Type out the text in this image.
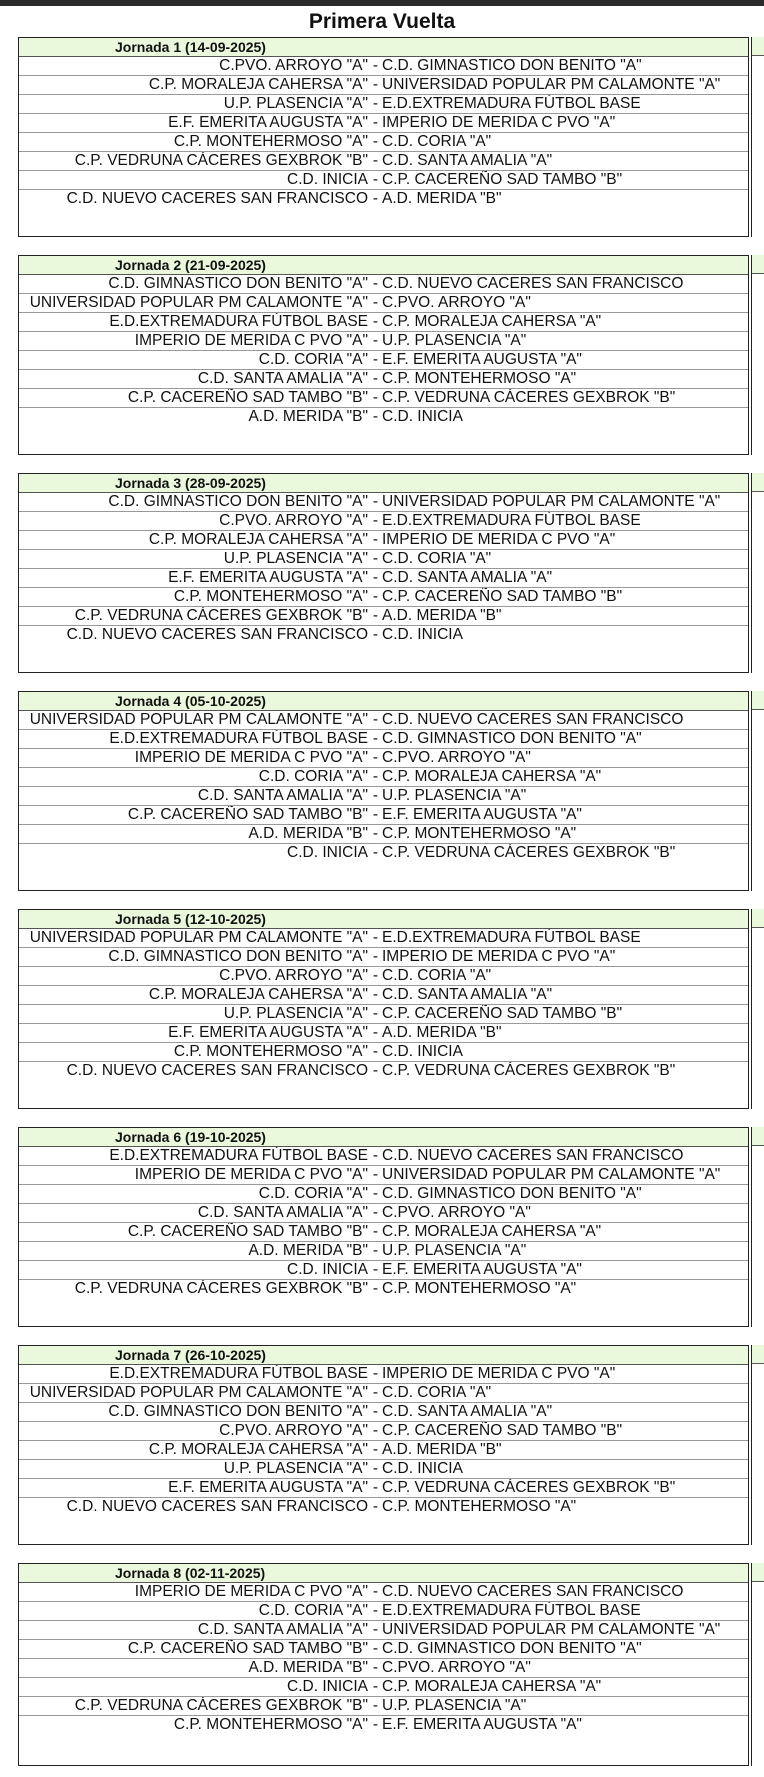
Primera Vuelta
Jornada 1 (14-09-2025)
C.PVO. ARROYO "A" - C.D. GIMNASTICO DON BENITO "A"
C.P. MORALEJA CAHERSA "A" - UNIVERSIDAD POPULAR PM CALAMONTE "A"
U.P. PLASENCIA "A" - E.D.EXTREMADURA FÚTBOL BASE
E.F. EMERITA AUGUSTA "A" - IMPERIO DE MERIDA C PVO "A"
C.P. MONTEHERMOSO "A" - C.D. CORIA "A"
C.P. VEDRUNA CÁCERES GEXBROK "B" - C.D. SANTA AMALIA "A"
C.D. INICIA - C.P. CACEREÑO SAD TAMBO "B"
C.D. NUEVO CACERES SAN FRANCISCO - A.D. MERIDA "B"
Jornada 2 (21-09-2025)
C.D. GIMNASTICO DON BENITO "A" - C.D. NUEVO CACERES SAN FRANCISCO
UNIVERSIDAD POPULAR PM CALAMONTE "A" - C.PVO. ARROYO "A"
E.D.EXTREMADURA FÚTBOL BASE - C.P. MORALEJA CAHERSA "A"
IMPERIO DE MERIDA C PVO "A" - U.P. PLASENCIA "A"
C.D. CORIA "A" - E.F. EMERITA AUGUSTA "A"
C.D. SANTA AMALIA "A" - C.P. MONTEHERMOSO "A"
C.P. CACEREÑO SAD TAMBO "B" - C.P. VEDRUNA CÁCERES GEXBROK "B"
A.D. MERIDA "B" - C.D. INICIA
Jornada 3 (28-09-2025)
C.D. GIMNASTICO DON BENITO "A" - UNIVERSIDAD POPULAR PM CALAMONTE "A"
C.PVO. ARROYO "A" - E.D.EXTREMADURA FÚTBOL BASE
C.P. MORALEJA CAHERSA "A" - IMPERIO DE MERIDA C PVO "A"
U.P. PLASENCIA "A" - C.D. CORIA "A"
E.F. EMERITA AUGUSTA "A" - C.D. SANTA AMALIA "A"
C.P. MONTEHERMOSO "A" - C.P. CACEREÑO SAD TAMBO "B"
C.P. VEDRUNA CÁCERES GEXBROK "B" - A.D. MERIDA "B"
C.D. NUEVO CACERES SAN FRANCISCO - C.D. INICIA
Jornada 4 (05-10-2025)
UNIVERSIDAD POPULAR PM CALAMONTE "A" - C.D. NUEVO CACERES SAN FRANCISCO
E.D.EXTREMADURA FÚTBOL BASE - C.D. GIMNASTICO DON BENITO "A"
IMPERIO DE MERIDA C PVO "A" - C.PVO. ARROYO "A"
C.D. CORIA "A" - C.P. MORALEJA CAHERSA "A"
C.D. SANTA AMALIA "A" - U.P. PLASENCIA "A"
C.P. CACEREÑO SAD TAMBO "B" - E.F. EMERITA AUGUSTA "A"
A.D. MERIDA "B" - C.P. MONTEHERMOSO "A"
C.D. INICIA - C.P. VEDRUNA CÁCERES GEXBROK "B"
Jornada 5 (12-10-2025)
UNIVERSIDAD POPULAR PM CALAMONTE "A" - E.D.EXTREMADURA FÚTBOL BASE
C.D. GIMNASTICO DON BENITO "A" - IMPERIO DE MERIDA C PVO "A"
C.PVO. ARROYO "A" - C.D. CORIA "A"
C.P. MORALEJA CAHERSA "A" - C.D. SANTA AMALIA "A"
U.P. PLASENCIA "A" - C.P. CACEREÑO SAD TAMBO "B"
E.F. EMERITA AUGUSTA "A" - A.D. MERIDA "B"
C.P. MONTEHERMOSO "A" - C.D. INICIA
C.D. NUEVO CACERES SAN FRANCISCO - C.P. VEDRUNA CÁCERES GEXBROK "B"
Jornada 6 (19-10-2025)
E.D.EXTREMADURA FÚTBOL BASE - C.D. NUEVO CACERES SAN FRANCISCO
IMPERIO DE MERIDA C PVO "A" - UNIVERSIDAD POPULAR PM CALAMONTE "A"
C.D. CORIA "A" - C.D. GIMNASTICO DON BENITO "A"
C.D. SANTA AMALIA "A" - C.PVO. ARROYO "A"
C.P. CACEREÑO SAD TAMBO "B" - C.P. MORALEJA CAHERSA "A"
A.D. MERIDA "B" - U.P. PLASENCIA "A"
C.D. INICIA - E.F. EMERITA AUGUSTA "A"
C.P. VEDRUNA CÁCERES GEXBROK "B" - C.P. MONTEHERMOSO "A"
Jornada 7 (26-10-2025)
E.D.EXTREMADURA FÚTBOL BASE - IMPERIO DE MERIDA C PVO "A"
UNIVERSIDAD POPULAR PM CALAMONTE "A" - C.D. CORIA "A"
C.D. GIMNASTICO DON BENITO "A" - C.D. SANTA AMALIA "A"
C.PVO. ARROYO "A" - C.P. CACEREÑO SAD TAMBO "B"
C.P. MORALEJA CAHERSA "A" - A.D. MERIDA "B"
U.P. PLASENCIA "A" - C.D. INICIA
E.F. EMERITA AUGUSTA "A" - C.P. VEDRUNA CÁCERES GEXBROK "B"
C.D. NUEVO CACERES SAN FRANCISCO - C.P. MONTEHERMOSO "A"
Jornada 8 (02-11-2025)
IMPERIO DE MERIDA C PVO "A" - C.D. NUEVO CACERES SAN FRANCISCO
C.D. CORIA "A" - E.D.EXTREMADURA FÚTBOL BASE
C.D. SANTA AMALIA "A" - UNIVERSIDAD POPULAR PM CALAMONTE "A"
C.P. CACEREÑO SAD TAMBO "B" - C.D. GIMNASTICO DON BENITO "A"
A.D. MERIDA "B" - C.PVO. ARROYO "A"
C.D. INICIA - C.P. MORALEJA CAHERSA "A"
C.P. VEDRUNA CÁCERES GEXBROK "B" - U.P. PLASENCIA "A"
C.P. MONTEHERMOSO "A" - E.F. EMERITA AUGUSTA "A"
